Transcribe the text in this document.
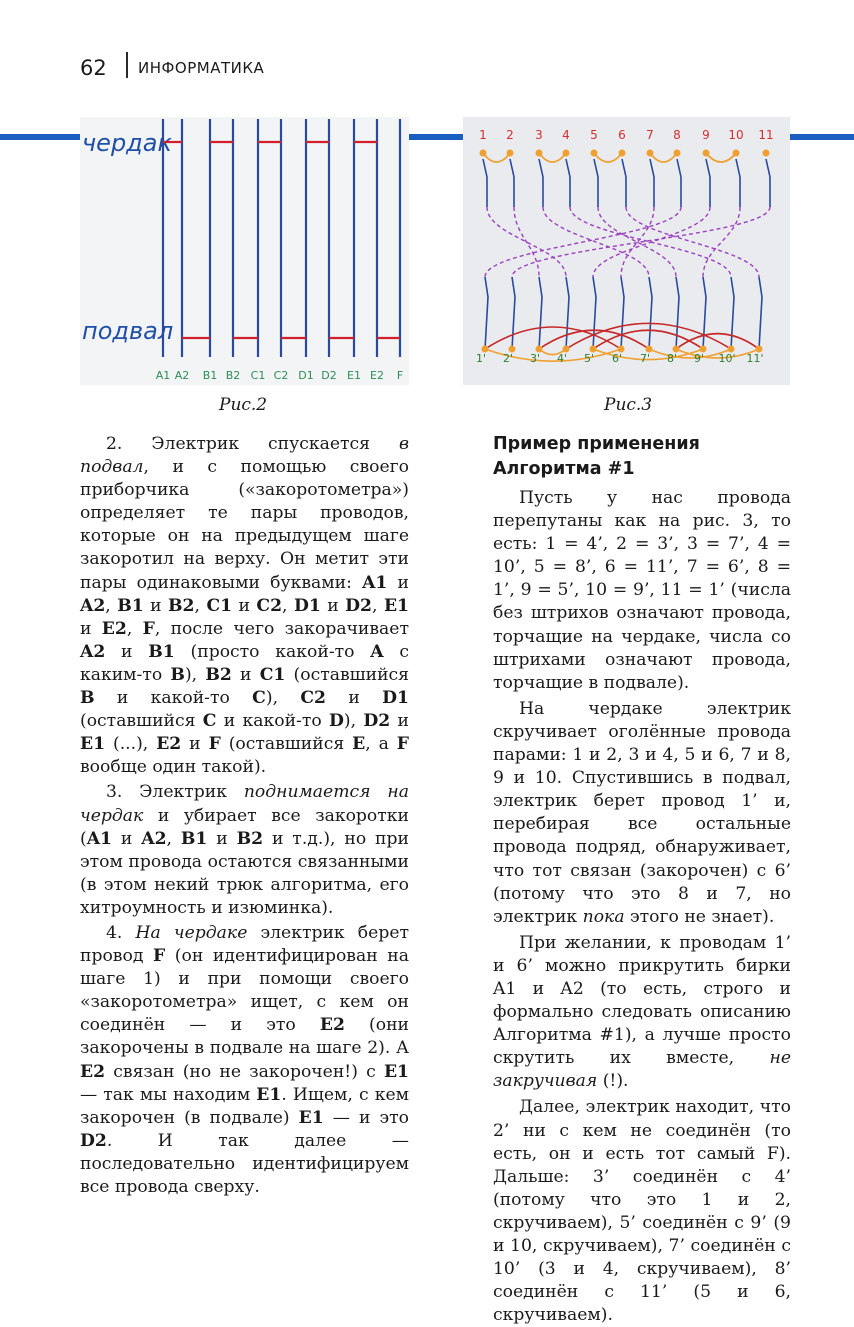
62 ИНФОРМАТИКА
чердак
подвал
A1 A2 B1 B2 C1 C2 D1 D2 E1 E2 F
Рис.2
1 2 3 4 5 6 7 8 9 10 11
1' 2' 3' 4' 5' 6' 7' 8' 9' 10' 11'
Рис.3

2. Электрик спускается в подвал, и с помощью своего приборчика («закоротометра») определяет те пары проводов, которые он на предыдущем шаге закоротил на верху. Он метит эти пары одинаковыми буквами: A1 и A2, B1 и B2, C1 и C2, D1 и D2, E1 и E2, F, после чего закорачивает A2 и B1 (просто какой-то A с каким-то B), B2 и C1 (оставшийся B и какой-то C), C2 и D1 (оставшийся C и какой-то D), D2 и E1 (...), E2 и F (оставшийся E, а F вообще один такой).

3. Электрик поднимается на чердак и убирает все закоротки (A1 и A2, B1 и B2 и т.д.), но при этом провода остаются связанными (в этом некий трюк алгоритма, его хитроумность и изюминка).

4. На чердаке электрик берет провод F (он идентифицирован на шаге 1) и при помощи своего «закоротометра» ищет, с кем он соединён — и это E2 (они закорочены в подвале на шаге 2). А E2 связан (но не закорочен!) с E1 — так мы находим E1. Ищем, с кем закорочен (в подвале) E1 — и это D2. И так далее — последовательно идентифицируем все провода сверху.

Пример применения Алгоритма #1

Пусть у нас провода перепутаны как на рис. 3, то есть: 1 = 4’, 2 = 3’, 3 = 7’, 4 = 10’, 5 = 8’, 6 = 11’, 7 = 6’, 8 = 1’, 9 = 5’, 10 = 9’, 11 = 1’ (числа без штрихов означают провода, торчащие на чердаке, числа со штрихами означают провода, торчащие в подвале).

На чердаке электрик скручивает оголённые провода парами: 1 и 2, 3 и 4, 5 и 6, 7 и 8, 9 и 10. Спустившись в подвал, электрик берет провод 1’ и, перебирая все остальные провода подряд, обнаруживает, что тот связан (закорочен) с 6’ (потому что это 8 и 7, но электрик пока этого не знает).

При желании, к проводам 1’ и 6’ можно прикрутить бирки A1 и A2 (то есть, строго и формально следовать описанию Алгоритма #1), а лучше просто скрутить их вместе, не закручивая (!).

Далее, электрик находит, что 2’ ни с кем не соединён (то есть, он и есть тот самый F). Дальше: 3’ соединён с 4’ (потому что это 1 и 2, скручиваем), 5’ соединён с 9’ (9 и 10, скручиваем), 7’ соединён с 10’ (3 и 4, скручиваем), 8’ соединён с 11’ (5 и 6, скручиваем).
